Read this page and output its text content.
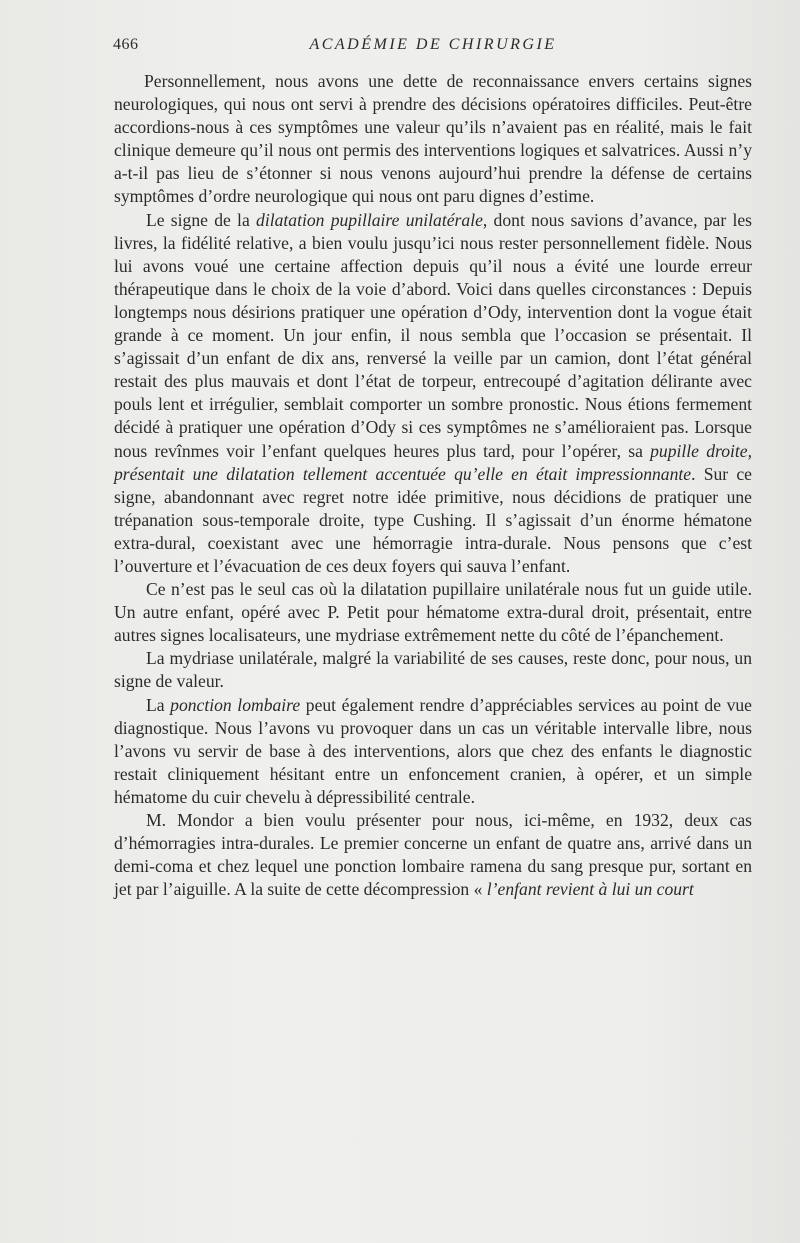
466	ACADÉMIE DE CHIRURGIE

Personnellement, nous avons une dette de reconnaissance envers certains signes neurologiques, qui nous ont servi à prendre des décisions opératoires difficiles. Peut-être accordions-nous à ces symptômes une valeur qu’ils n’avaient pas en réalité, mais le fait clinique demeure qu’il nous ont permis des interventions logiques et salvatrices. Aussi n’y a-t-il pas lieu de s’étonner si nous venons aujourd’hui prendre la défense de certains symptômes d’ordre neurologique qui nous ont paru dignes d’estime.

Le signe de la dilatation pupillaire unilatérale, dont nous savions d’avance, par les livres, la fidélité relative, a bien voulu jusqu’ici nous rester personnellement fidèle. Nous lui avons voué une certaine affection depuis qu’il nous a évité une lourde erreur thérapeutique dans le choix de la voie d’abord. Voici dans quelles circonstances : Depuis longtemps nous désirions pratiquer une opération d’Ody, intervention dont la vogue était grande à ce moment. Un jour enfin, il nous sembla que l’occasion se présentait. Il s’agissait d’un enfant de dix ans, renversé la veille par un camion, dont l’état général restait des plus mauvais et dont l’état de torpeur, entrecoupé d’agitation délirante avec pouls lent et irrégulier, semblait comporter un sombre pronostic. Nous étions fermement décidé à pratiquer une opération d’Ody si ces symptômes ne s’amélioraient pas. Lorsque nous revînmes voir l’enfant quelques heures plus tard, pour l’opérer, sa pupille droite, présentait une dilatation tellement accentuée qu’elle en était impressionnante. Sur ce signe, abandonnant avec regret notre idée primitive, nous décidions de pratiquer une trépanation sous-temporale droite, type Cushing. Il s’agissait d’un énorme hématone extra-dural, coexistant avec une hémorragie intra-durale. Nous pensons que c’est l’ouverture et l’évacuation de ces deux foyers qui sauva l’enfant.

Ce n’est pas le seul cas où la dilatation pupillaire unilatérale nous fut un guide utile. Un autre enfant, opéré avec P. Petit pour hématome extra-dural droit, présentait, entre autres signes localisateurs, une mydriase extrêmement nette du côté de l’épanchement.

La mydriase unilatérale, malgré la variabilité de ses causes, reste donc, pour nous, un signe de valeur.

La ponction lombaire peut également rendre d’appréciables services au point de vue diagnostique. Nous l’avons vu provoquer dans un cas un véritable intervalle libre, nous l’avons vu servir de base à des interventions, alors que chez des enfants le diagnostic restait cliniquement hésitant entre un enfoncement cranien, à opérer, et un simple hématome du cuir chevelu à dépressibilité centrale.

M. Mondor a bien voulu présenter pour nous, ici-même, en 1932, deux cas d’hémorragies intra-durales. Le premier concerne un enfant de quatre ans, arrivé dans un demi-coma et chez lequel une ponction lombaire ramena du sang presque pur, sortant en jet par l’aiguille. A la suite de cette décompression « l’enfant revient à lui un court
